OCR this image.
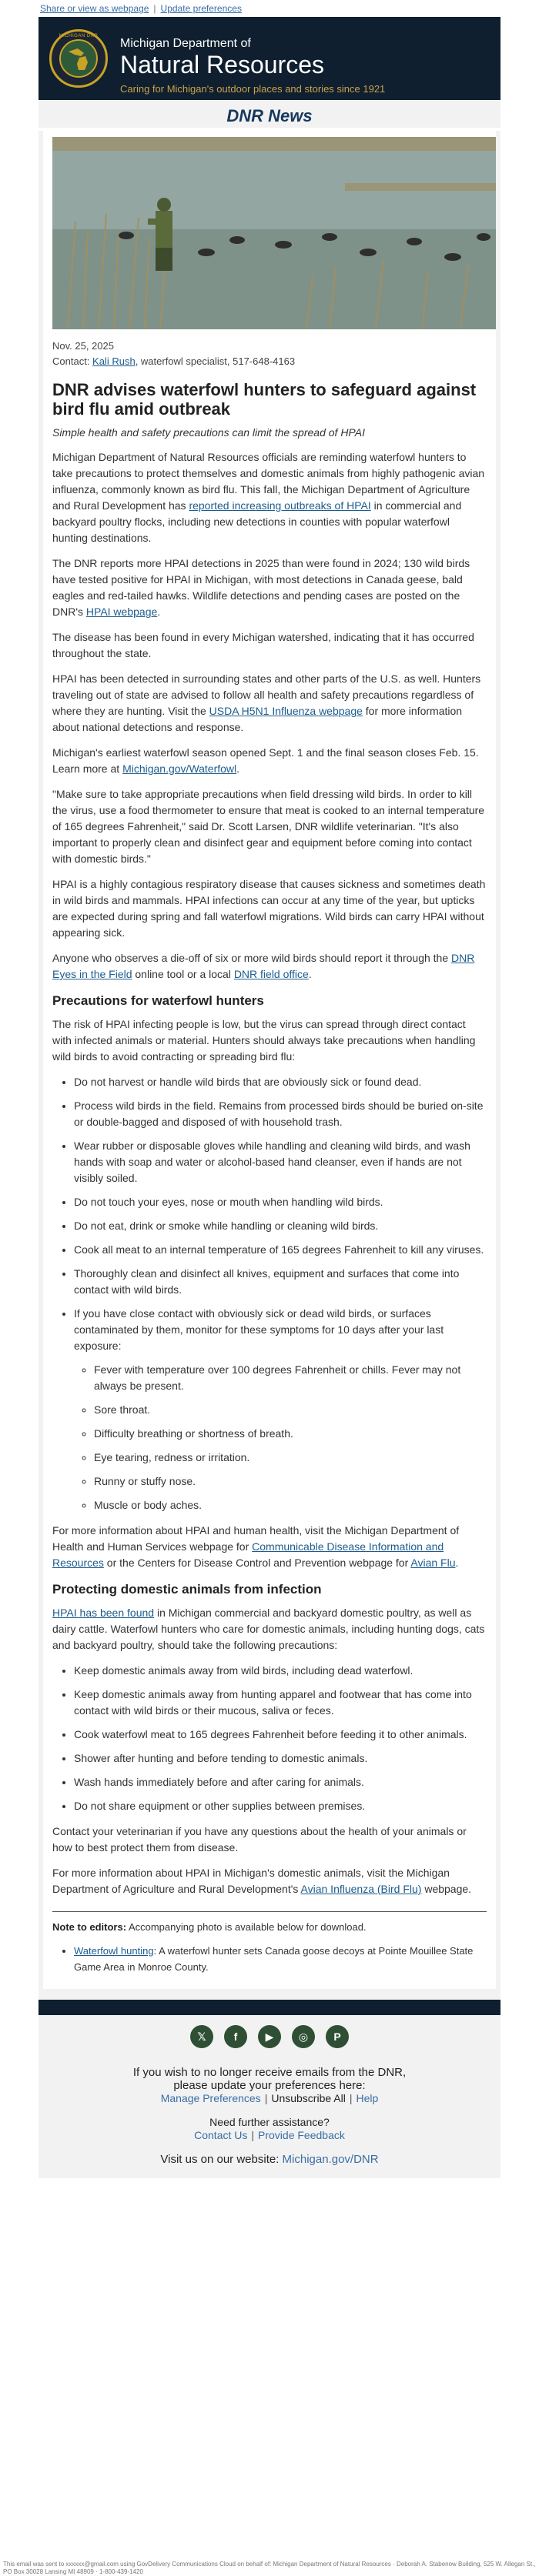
Share or view as webpage | Update preferences
MICHIGAN DNR
Michigan Department of
Natural Resources
Caring for Michigan's outdoor places and stories since 1921
DNR News
Nov. 25, 2025
Contact: Kali Rush, waterfowl specialist, 517-648-4163
DNR advises waterfowl hunters to safeguard against bird flu amid outbreak
Simple health and safety precautions can limit the spread of HPAI

Michigan Department of Natural Resources officials are reminding waterfowl hunters to take precautions to protect themselves and domestic animals from highly pathogenic avian influenza, commonly known as bird flu. This fall, the Michigan Department of Agriculture and Rural Development has reported increasing outbreaks of HPAI in commercial and backyard poultry flocks, including new detections in counties with popular waterfowl hunting destinations.

The DNR reports more HPAI detections in 2025 than were found in 2024; 130 wild birds have tested positive for HPAI in Michigan, with most detections in Canada geese, bald eagles and red-tailed hawks. Wildlife detections and pending cases are posted on the DNR's HPAI webpage.

The disease has been found in every Michigan watershed, indicating that it has occurred throughout the state.

HPAI has been detected in surrounding states and other parts of the U.S. as well. Hunters traveling out of state are advised to follow all health and safety precautions regardless of where they are hunting. Visit the USDA H5N1 Influenza webpage for more information about national detections and response.

Michigan's earliest waterfowl season opened Sept. 1 and the final season closes Feb. 15. Learn more at Michigan.gov/Waterfowl.

"Make sure to take appropriate precautions when field dressing wild birds. In order to kill the virus, use a food thermometer to ensure that meat is cooked to an internal temperature of 165 degrees Fahrenheit," said Dr. Scott Larsen, DNR wildlife veterinarian. "It's also important to properly clean and disinfect gear and equipment before coming into contact with domestic birds."

HPAI is a highly contagious respiratory disease that causes sickness and sometimes death in wild birds and mammals. HPAI infections can occur at any time of the year, but upticks are expected during spring and fall waterfowl migrations. Wild birds can carry HPAI without appearing sick.

Anyone who observes a die-off of six or more wild birds should report it through the DNR Eyes in the Field online tool or a local DNR field office.

Precautions for waterfowl hunters

The risk of HPAI infecting people is low, but the virus can spread through direct contact with infected animals or material. Hunters should always take precautions when handling wild birds to avoid contracting or spreading bird flu:

• Do not harvest or handle wild birds that are obviously sick or found dead.
• Process wild birds in the field. Remains from processed birds should be buried on-site or double-bagged and disposed of with household trash.
• Wear rubber or disposable gloves while handling and cleaning wild birds, and wash hands with soap and water or alcohol-based hand cleanser, even if hands are not visibly soiled.
• Do not touch your eyes, nose or mouth when handling wild birds.
• Do not eat, drink or smoke while handling or cleaning wild birds.
• Cook all meat to an internal temperature of 165 degrees Fahrenheit to kill any viruses.
• Thoroughly clean and disinfect all knives, equipment and surfaces that come into contact with wild birds.
• If you have close contact with obviously sick or dead wild birds, or surfaces contaminated by them, monitor for these symptoms for 10 days after your last exposure:
◦ Fever with temperature over 100 degrees Fahrenheit or chills. Fever may not always be present.
◦ Sore throat.
◦ Difficulty breathing or shortness of breath.
◦ Eye tearing, redness or irritation.
◦ Runny or stuffy nose.
◦ Muscle or body aches.

For more information about HPAI and human health, visit the Michigan Department of Health and Human Services webpage for Communicable Disease Information and Resources or the Centers for Disease Control and Prevention webpage for Avian Flu.

Protecting domestic animals from infection

HPAI has been found in Michigan commercial and backyard domestic poultry, as well as dairy cattle. Waterfowl hunters who care for domestic animals, including hunting dogs, cats and backyard poultry, should take the following precautions:

• Keep domestic animals away from wild birds, including dead waterfowl.
• Keep domestic animals away from hunting apparel and footwear that has come into contact with wild birds or their mucous, saliva or feces.
• Cook waterfowl meat to 165 degrees Fahrenheit before feeding it to other animals.
• Shower after hunting and before tending to domestic animals.
• Wash hands immediately before and after caring for animals.
• Do not share equipment or other supplies between premises.

Contact your veterinarian if you have any questions about the health of your animals or how to best protect them from disease.

For more information about HPAI in Michigan's domestic animals, visit the Michigan Department of Agriculture and Rural Development's Avian Influenza (Bird Flu) webpage.

Note to editors: Accompanying photo is available below for download.
• Waterfowl hunting: A waterfowl hunter sets Canada goose decoys at Pointe Mouillee State Game Area in Monroe County.
𝕏	f	▶	◎	P
If you wish to no longer receive emails from the DNR,
please update your preferences here:
Manage Preferences | Unsubscribe All | Help
Need further assistance?
Contact Us | Provide Feedback
Visit us on our website: Michigan.gov/DNR
This email was sent to xxxxxx@gmail.com using GovDelivery Communications Cloud on behalf of: Michigan Department of Natural Resources · Deborah A. Stabenow Building, 525 W. Allegan St., PO Box 30028 Lansing MI 48909 · 1-800-439-1420
